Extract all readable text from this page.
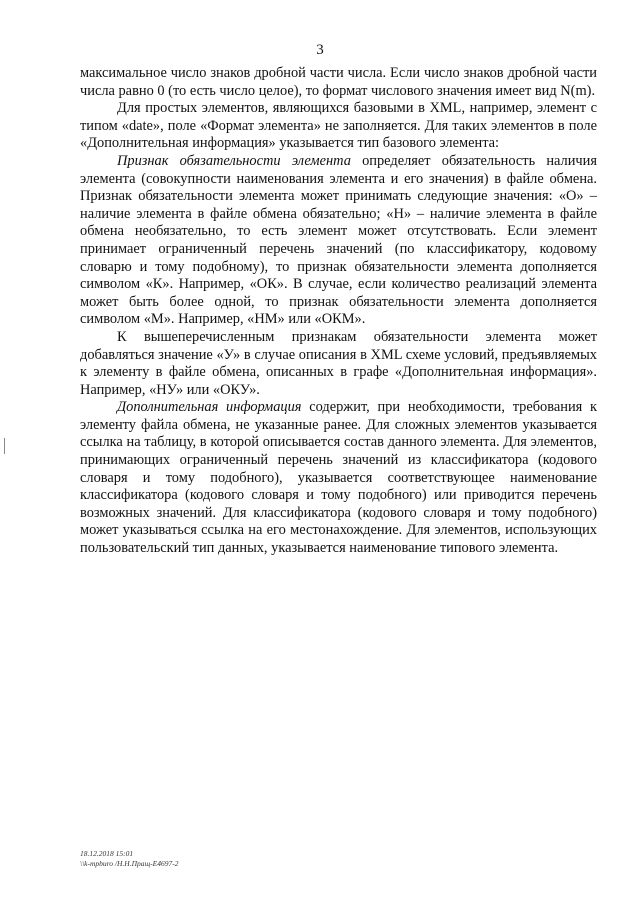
3

максимальное число знаков дробной части числа. Если число знаков дробной части числа равно 0 (то есть число целое), то формат числового значения имеет вид N(m).

Для простых элементов, являющихся базовыми в XML, например, элемент с типом «date», поле «Формат элемента» не заполняется. Для таких элементов в поле «Дополнительная информация» указывается тип базового элемента:

Признак обязательности элемента определяет обязательность наличия элемента (совокупности наименования элемента и его значения) в файле обмена. Признак обязательности элемента может принимать следующие значения: «О» – наличие элемента в файле обмена обязательно; «Н» – наличие элемента в файле обмена необязательно, то есть элемент может отсутствовать. Если элемент принимает ограниченный перечень значений (по классификатору, кодовому словарю и тому подобному), то признак обязательности элемента дополняется символом «К». Например, «ОК». В случае, если количество реализаций элемента может быть более одной, то признак обязательности элемента дополняется символом «М». Например, «НМ» или «ОКМ».

К вышеперечисленным признакам обязательности элемента может добавляться значение «У» в случае описания в XML схеме условий, предъявляемых к элементу в файле обмена, описанных в графе «Дополнительная информация». Например, «НУ» или «ОКУ».

Дополнительная информация содержит, при необходимости, требования к элементу файла обмена, не указанные ранее. Для сложных элементов указывается ссылка на таблицу, в которой описывается состав данного элемента. Для элементов, принимающих ограниченный перечень значений из классификатора (кодового словаря и тому подобного), указывается соответствующее наименование классификатора (кодового словаря и тому подобного) или приводится перечень возможных значений. Для классификатора (кодового словаря и тому подобного) может указываться ссылка на его местонахождение. Для элементов, использующих пользовательский тип данных, указывается наименование типового элемента.

18.12.2018 15:01
\\k-mpburo /Н.Н.Пращ-Е4697-2
